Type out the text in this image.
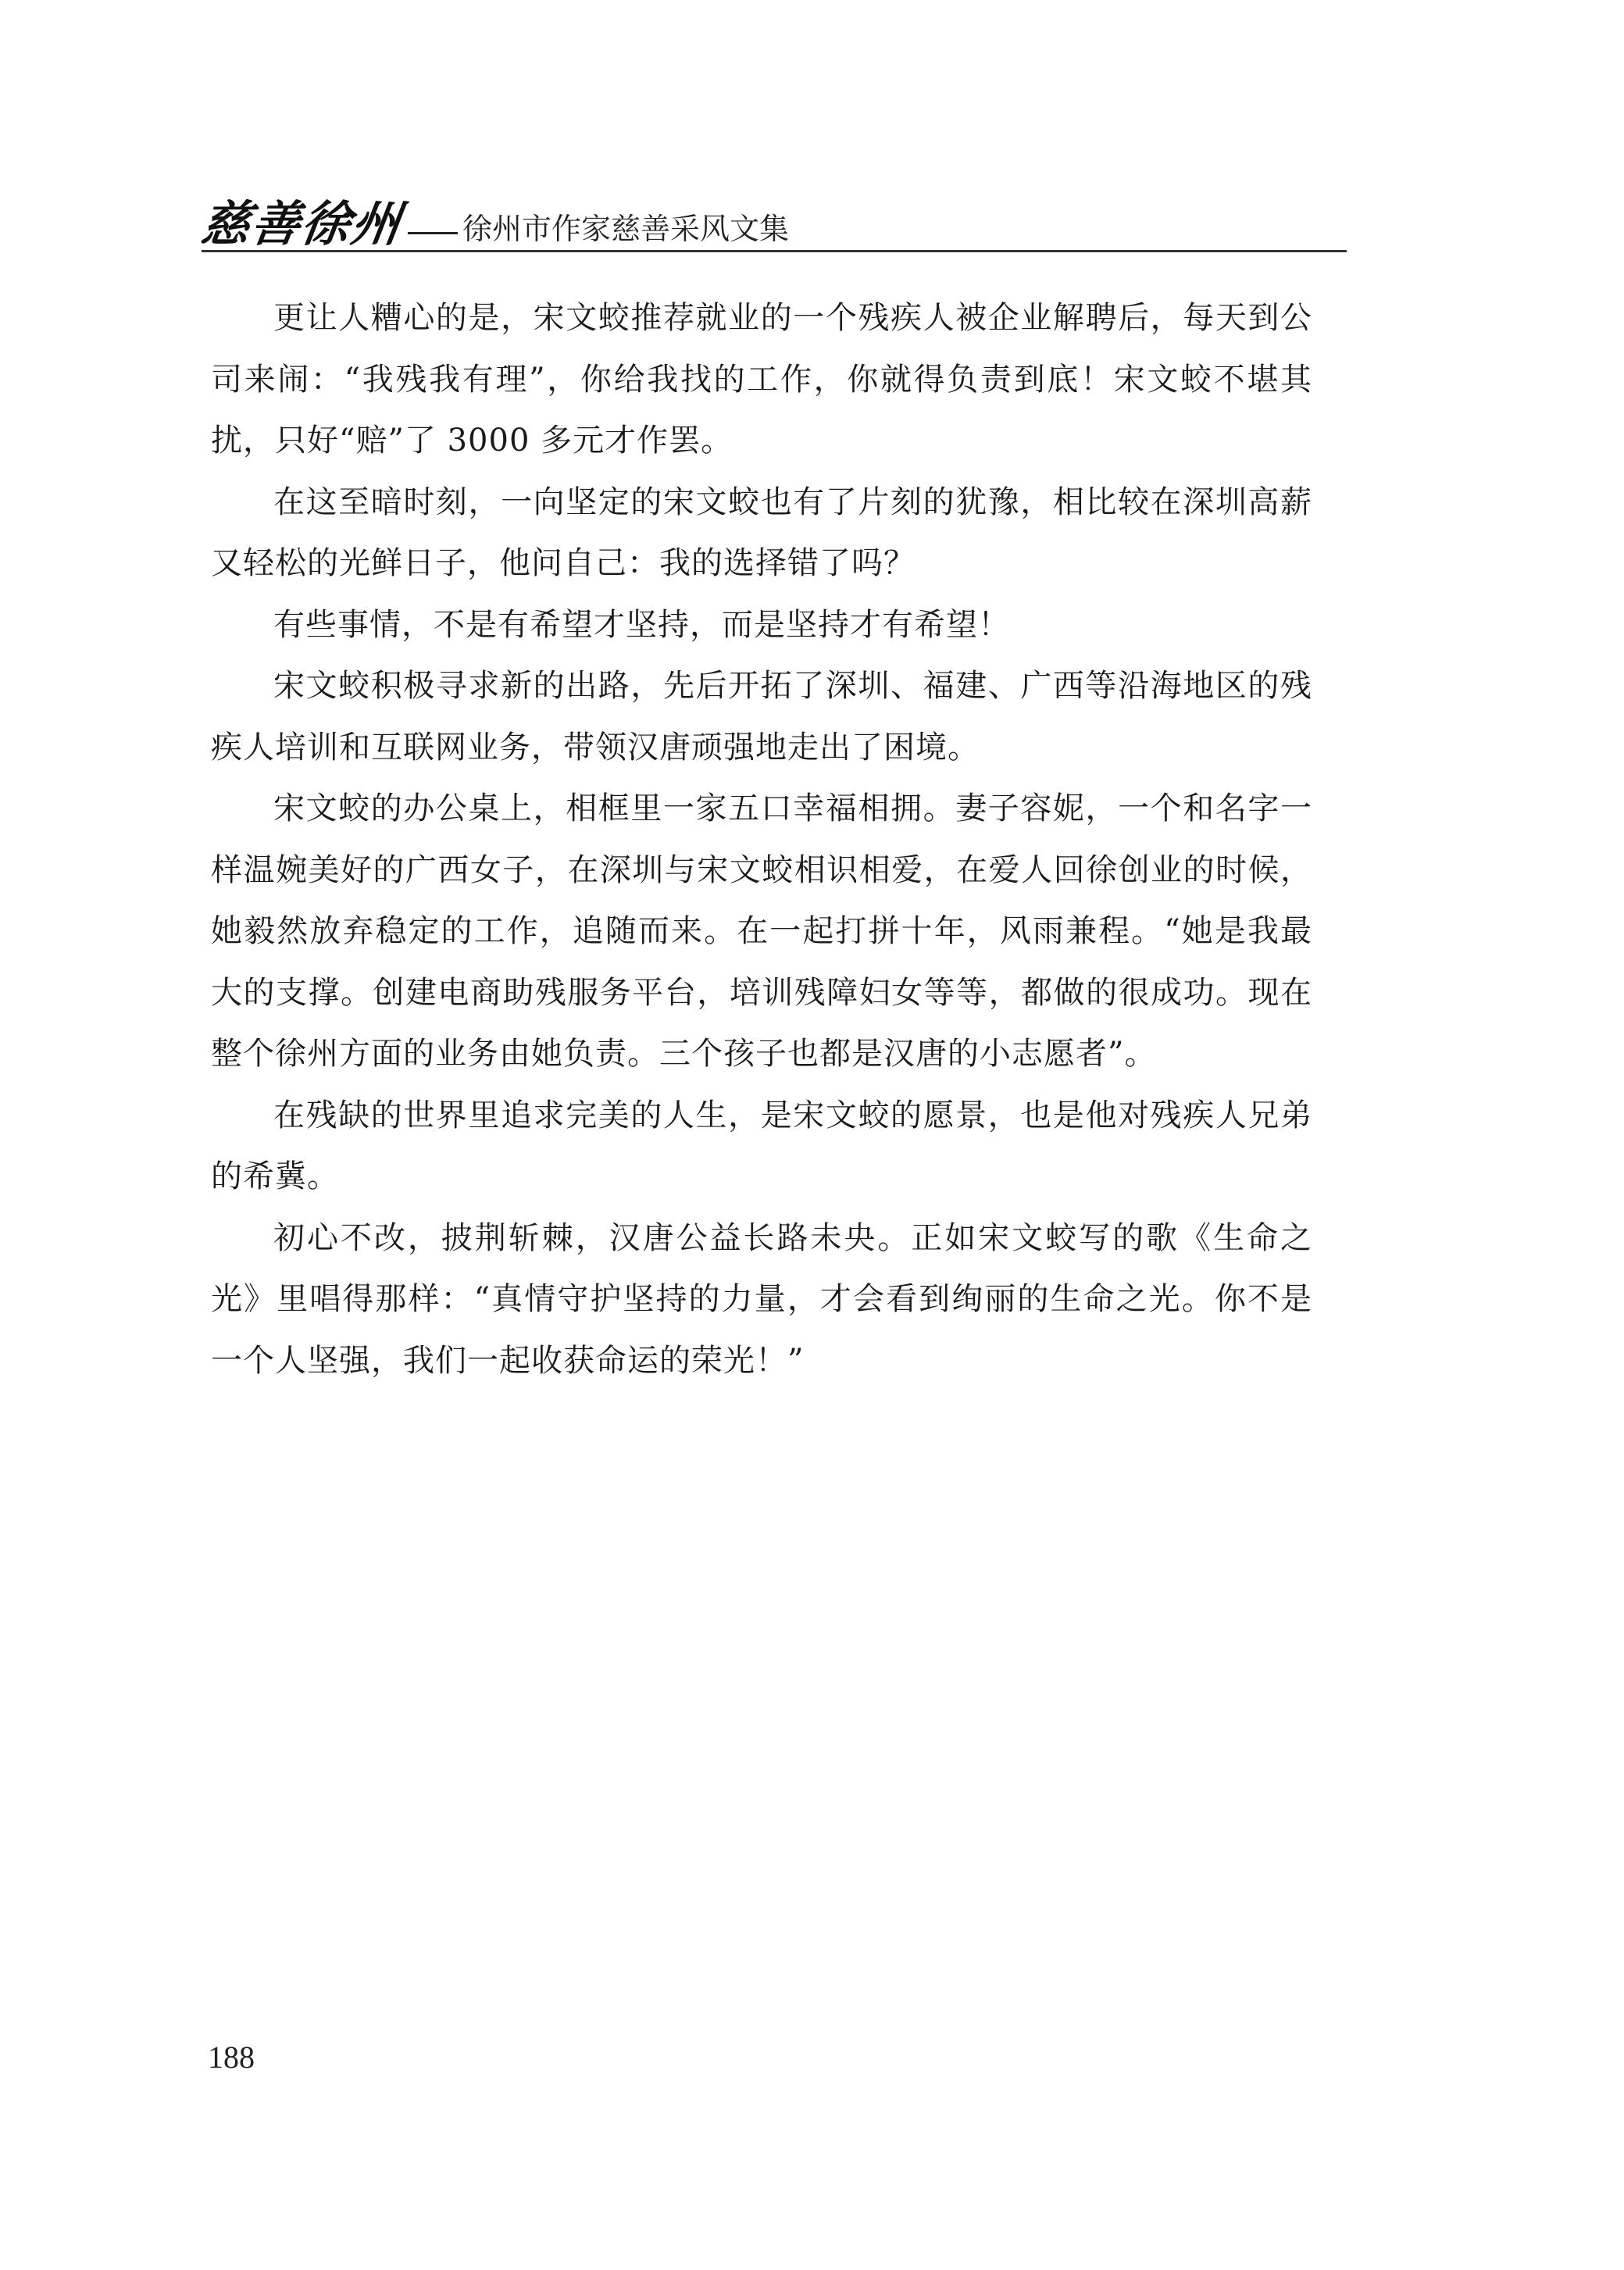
慈善徐州 徐州市作家慈善采风文集

更让人糟心的是，宋文蛟推荐就业的一个残疾人被企业解聘后，每天到公司来闹：“我残我有理”，你给我找的工作，你就得负责到底！宋文蛟不堪其扰，只好“赔”了 3000 多元才作罢。

在这至暗时刻，一向坚定的宋文蛟也有了片刻的犹豫，相比较在深圳高薪又轻松的光鲜日子，他问自己：我的选择错了吗？

有些事情，不是有希望才坚持，而是坚持才有希望！

宋文蛟积极寻求新的出路，先后开拓了深圳、福建、广西等沿海地区的残疾人培训和互联网业务，带领汉唐顽强地走出了困境。

宋文蛟的办公桌上，相框里一家五口幸福相拥。妻子容妮，一个和名字一样温婉美好的广西女子，在深圳与宋文蛟相识相爱，在爱人回徐创业的时候，她毅然放弃稳定的工作，追随而来。在一起打拼十年，风雨兼程。“她是我最大的支撑。创建电商助残服务平台，培训残障妇女等等，都做的很成功。现在整个徐州方面的业务由她负责。三个孩子也都是汉唐的小志愿者”。

在残缺的世界里追求完美的人生，是宋文蛟的愿景，也是他对残疾人兄弟的希冀。

初心不改，披荆斩棘，汉唐公益长路未央。正如宋文蛟写的歌《生命之光》里唱得那样：“真情守护坚持的力量，才会看到绚丽的生命之光。你不是一个人坚强，我们一起收获命运的荣光！”

188
